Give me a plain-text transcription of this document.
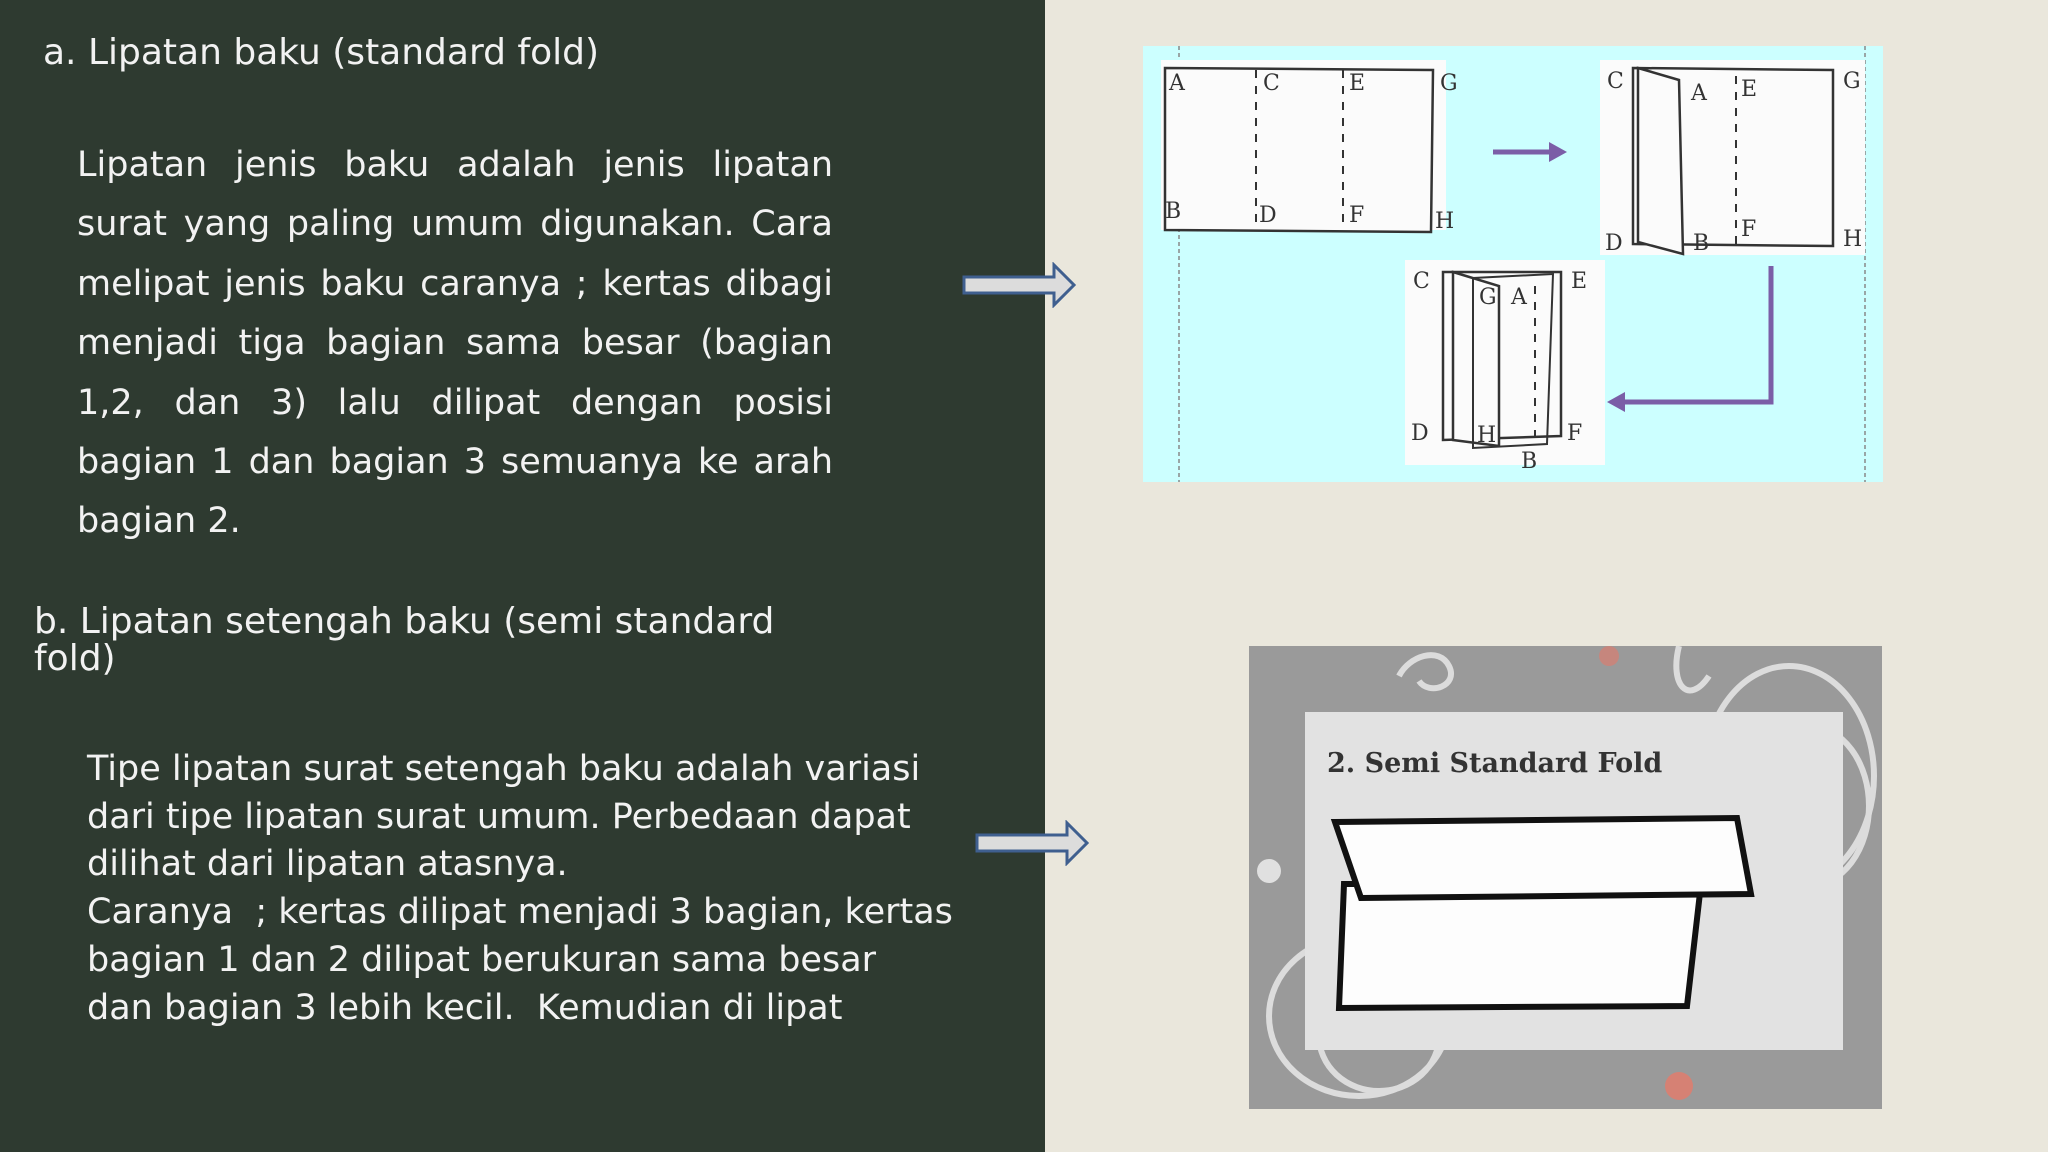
a. Lipatan baku (standard fold)
Lipatan jenis baku adalah jenis lipatan surat yang paling umum digunakan. Cara melipat jenis baku caranya ; kertas dibagi menjadi tiga bagian sama besar (bagian 1,2, dan 3) lalu dilipat dengan posisi bagian 1 dan bagian 3 semuanya ke arah bagian 2.
b. Lipatan setengah baku (semi standard fold)
Tipe lipatan surat setengah baku adalah variasi
dari tipe lipatan surat umum. Perbedaan dapat
dilihat dari lipatan atasnya.
Caranya  ; kertas dilipat menjadi 3 bagian, kertas
bagian 1 dan 2 dilipat berukuran sama besar
dan bagian 3 lebih kecil.  Kemudian di lipat
A	C	E	G
B	D	F	H
C	A E	G
D	B
F	H
C
G A
E
D H	F
B
2. Semi Standard Fold
